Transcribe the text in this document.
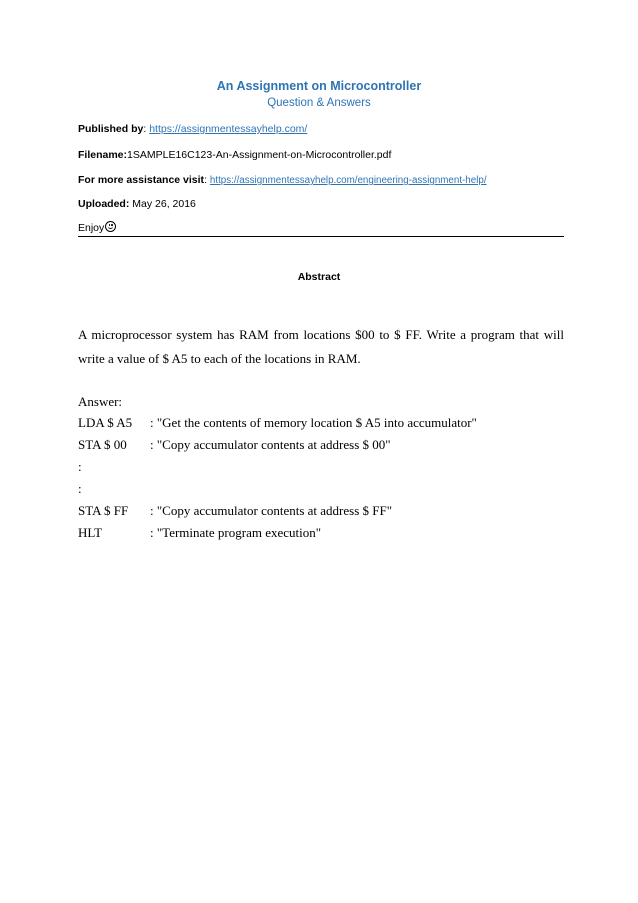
An Assignment on Microcontroller
Question & Answers
Published by: https://assignmentessayhelp.com/
Filename:1SAMPLE16C123-An-Assignment-on-Microcontroller.pdf
For more assistance visit: https://assignmentessayhelp.com/engineering-assignment-help/
Uploaded: May 26, 2016
Enjoy
Abstract
A microprocessor system has RAM from locations $00 to $ FF. Write a program that will write a value of $ A5 to each of the locations in RAM.
Answer:
LDA $ A5 : "Get the contents of memory location $ A5 into accumulator"
STA $ 00 : "Copy accumulator contents at address $ 00"
:
:
STA $ FF : "Copy accumulator contents at address $ FF"
HLT	: "Terminate program execution"
